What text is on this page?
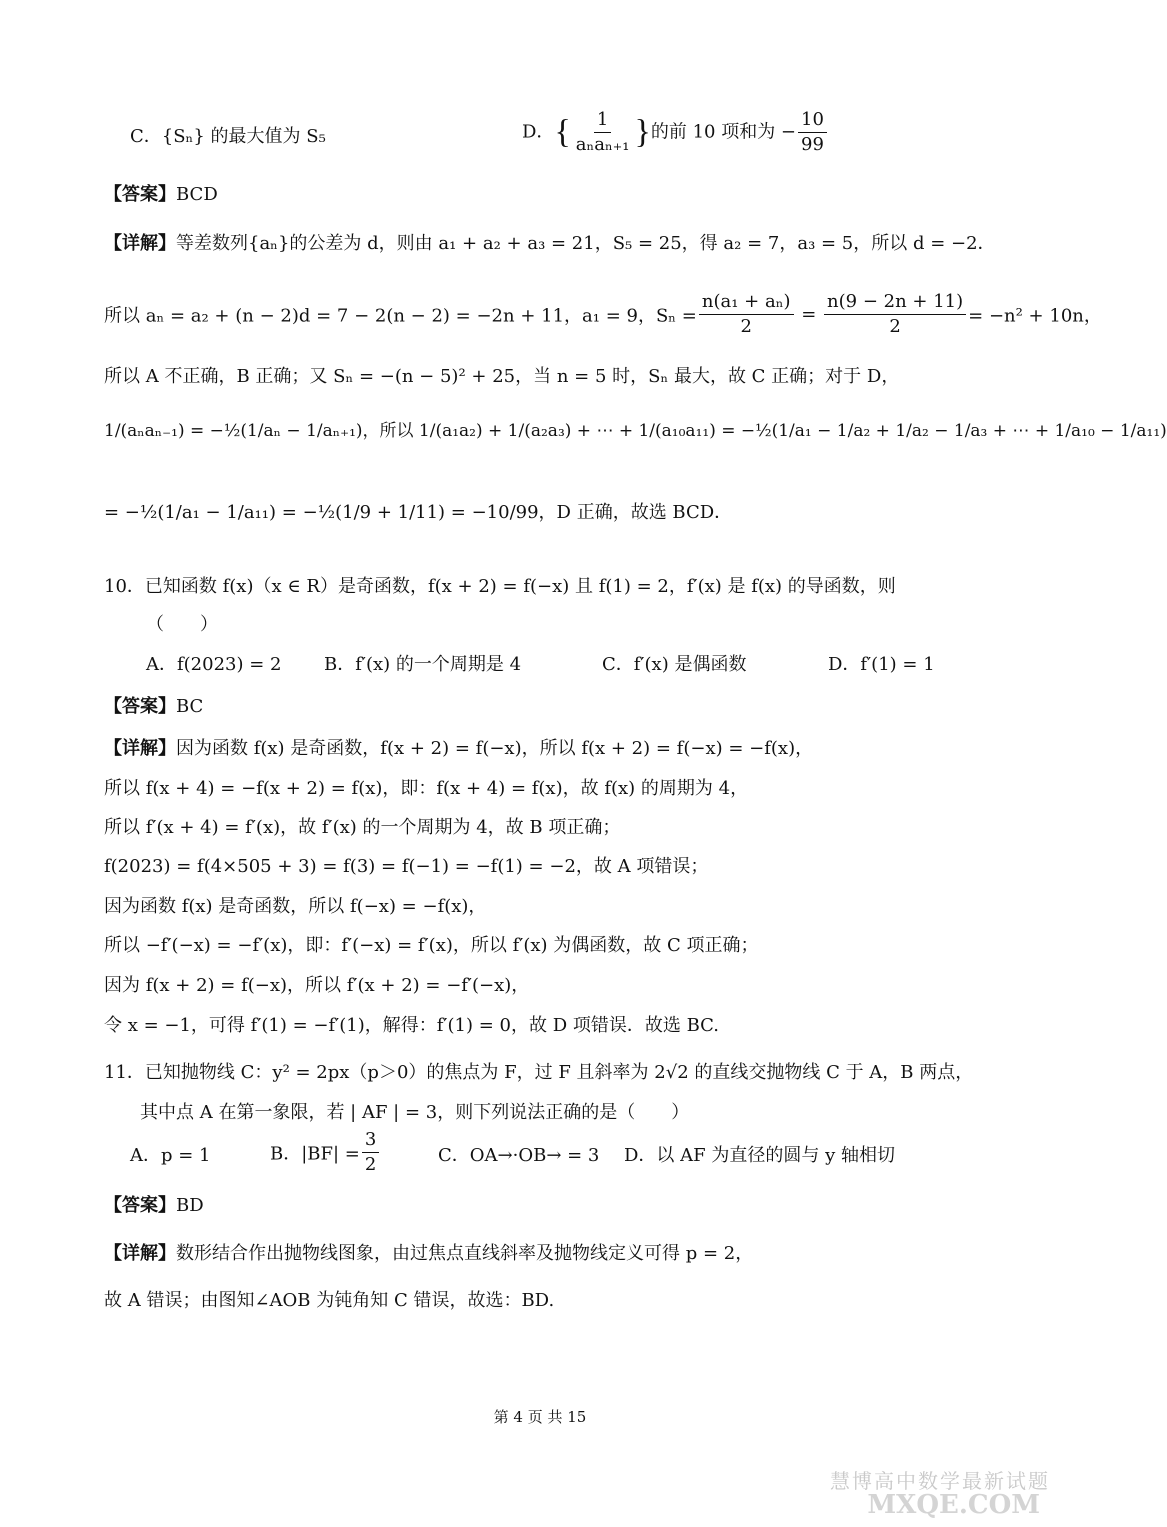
C．{Sₙ} 的最大值为 S₅	D．{ 1
aₙaₙ₊₁ }的前 10 项和为 − $\frac{10}{99}$
【答案】BCD
【详解】等差数列{aₙ}的公差为 d，则由 a₁ + a₂ + a₃ = 21，S₅ = 25，得 a₂ = 7，a₃ = 5，所以 d = −2．
所以 aₙ = a₂ + (n − 2)d = 7 − 2(n − 2) = −2n + 11，a₁ = 9，$S_n = \frac{\text{n(a₁ + aₙ)}}{2} = \frac{n(9 - 2n + 11)}{2} = -n^2 + 10n$，
所以 A 不正确，B 正确；又 Sₙ = −(n − 5)² + 25，当 n = 5 时，Sₙ 最大，故 C 正确；对于 D，
1/(aₙaₙ₋₁) = −½(1/aₙ − 1/aₙ₊₁)，所以 1/(a₁a₂) + 1/(a₂a₃) + ⋯ + 1/(a₁₀a₁₁) = −½(1/a₁ − 1/a₂ + 1/a₂ − 1/a₃ + ⋯ + 1/a₁₀ − 1/a₁₁)
= −½(1/a₁ − 1/a₁₁) = −½(1/9 + 1/11) = −10/99，D 正确，故选 BCD．
10．已知函数 f(x)（x ∈ R）是奇函数，f(x + 2) = f(−x) 且 f(1) = 2，f′(x) 是 f(x) 的导函数，则
（　　）
A．f(2023) = 2 B．f′(x) 的一个周期是 4	C．f′(x) 是偶函数	D．f′(1) = 1
【答案】BC
【详解】因为函数 f(x) 是奇函数，f(x + 2) = f(−x)，所以 f(x + 2) = f(−x) = −f(x)，
所以 f(x + 4) = −f(x + 2) = f(x)，即：f(x + 4) = f(x)，故 f(x) 的周期为 4，
所以 f′(x + 4) = f′(x)，故 f′(x) 的一个周期为 4，故 B 项正确；
f(2023) = f(4×505 + 3) = f(3) = f(−1) = −f(1) = −2，故 A 项错误；
因为函数 f(x) 是奇函数，所以 f(−x) = −f(x)，
所以 −f′(−x) = −f′(x)，即：f′(−x) = f′(x)，所以 f′(x) 为偶函数，故 C 项正确；
因为 f(x + 2) = f(−x)，所以 f′(x + 2) = −f′(−x)，
令 x = −1，可得 f′(1) = −f′(1)，解得：f′(1) = 0，故 D 项错误．故选 BC.
11．已知抛物线 C：y² = 2px（p＞0）的焦点为 F，过 F 且斜率为 2√2 的直线交抛物线 C 于 A，B 两点，
其中点 A 在第一象限，若 | AF | = 3，则下列说法正确的是（　　）
A．p = 1	B．$|BF| = \frac{3}{2}$	C．OA→·OB→ = 3 D．以 AF 为直径的圆与 y 轴相切
【答案】BD
【详解】数形结合作出抛物线图象，由过焦点直线斜率及抛物线定义可得 p = 2，
故 A 错误；由图知∠AOB 为钝角知 C 错误，故选：BD.
第 4 页 共 15
慧博高中数学最新试题
MXQE.COM
